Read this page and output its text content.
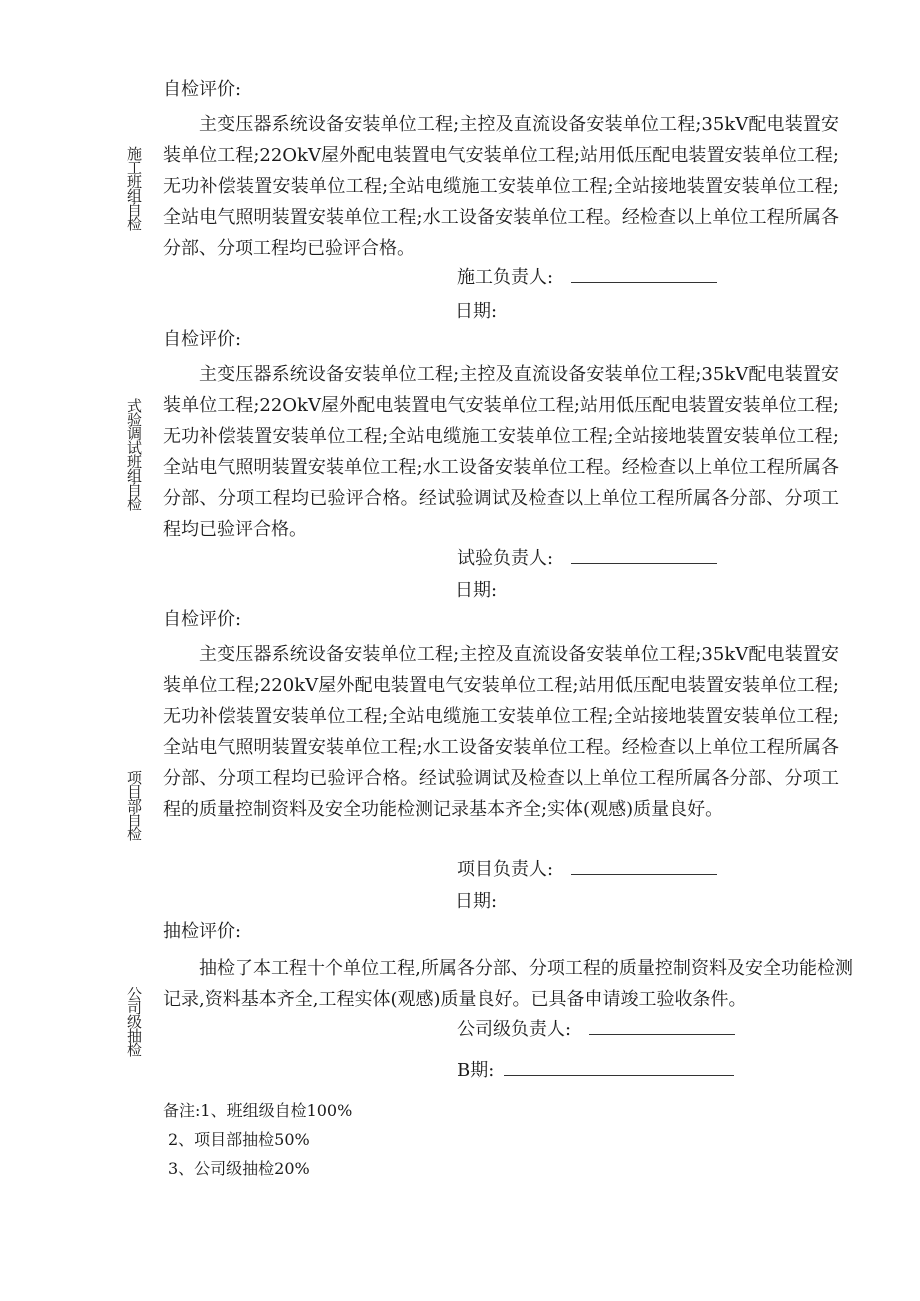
施工班组自检
自检评价:
主变压器系统设备安装单位工程;主控及直流设备安装单位工程;35kV配电装置安装单位工程;22OkV屋外配电装置电气安装单位工程;站用低压配电装置安装单位工程;无功补偿装置安装单位工程;全站电缆施工安装单位工程;全站接地装置安装单位工程;全站电气照明装置安装单位工程;水工设备安装单位工程。经检查以上单位工程所属各分部、分项工程均已验评合格。
施工负责人:
日期:
式验调试班组自检
自检评价:
主变压器系统设备安装单位工程;主控及直流设备安装单位工程;35kV配电装置安装单位工程;22OkV屋外配电装置电气安装单位工程;站用低压配电装置安装单位工程;无功补偿装置安装单位工程;全站电缆施工安装单位工程;全站接地装置安装单位工程;全站电气照明装置安装单位工程;水工设备安装单位工程。经检查以上单位工程所属各分部、分项工程均已验评合格。经试验调试及检查以上单位工程所属各分部、分项工程均已验评合格。
试验负责人:
日期:
项目部自检
自检评价:
主变压器系统设备安装单位工程;主控及直流设备安装单位工程;35kV配电装置安装单位工程;220kV屋外配电装置电气安装单位工程;站用低压配电装置安装单位工程;无功补偿装置安装单位工程;全站电缆施工安装单位工程;全站接地装置安装单位工程;全站电气照明装置安装单位工程;水工设备安装单位工程。经检查以上单位工程所属各分部、分项工程均已验评合格。经试验调试及检查以上单位工程所属各分部、分项工程的质量控制资料及安全功能检测记录基本齐全;实体(观感)质量良好。
项目负责人:
日期:
公司级抽检
抽检评价:
抽检了本工程十个单位工程,所属各分部、分项工程的质量控制资料及安全功能检测记录,资料基本齐全,工程实体(观感)质量良好。已具备申请竣工验收条件。
公司级负责人:
B期:
备注:1、班组级自检100%
2、项目部抽检50%
3、公司级抽检20%
